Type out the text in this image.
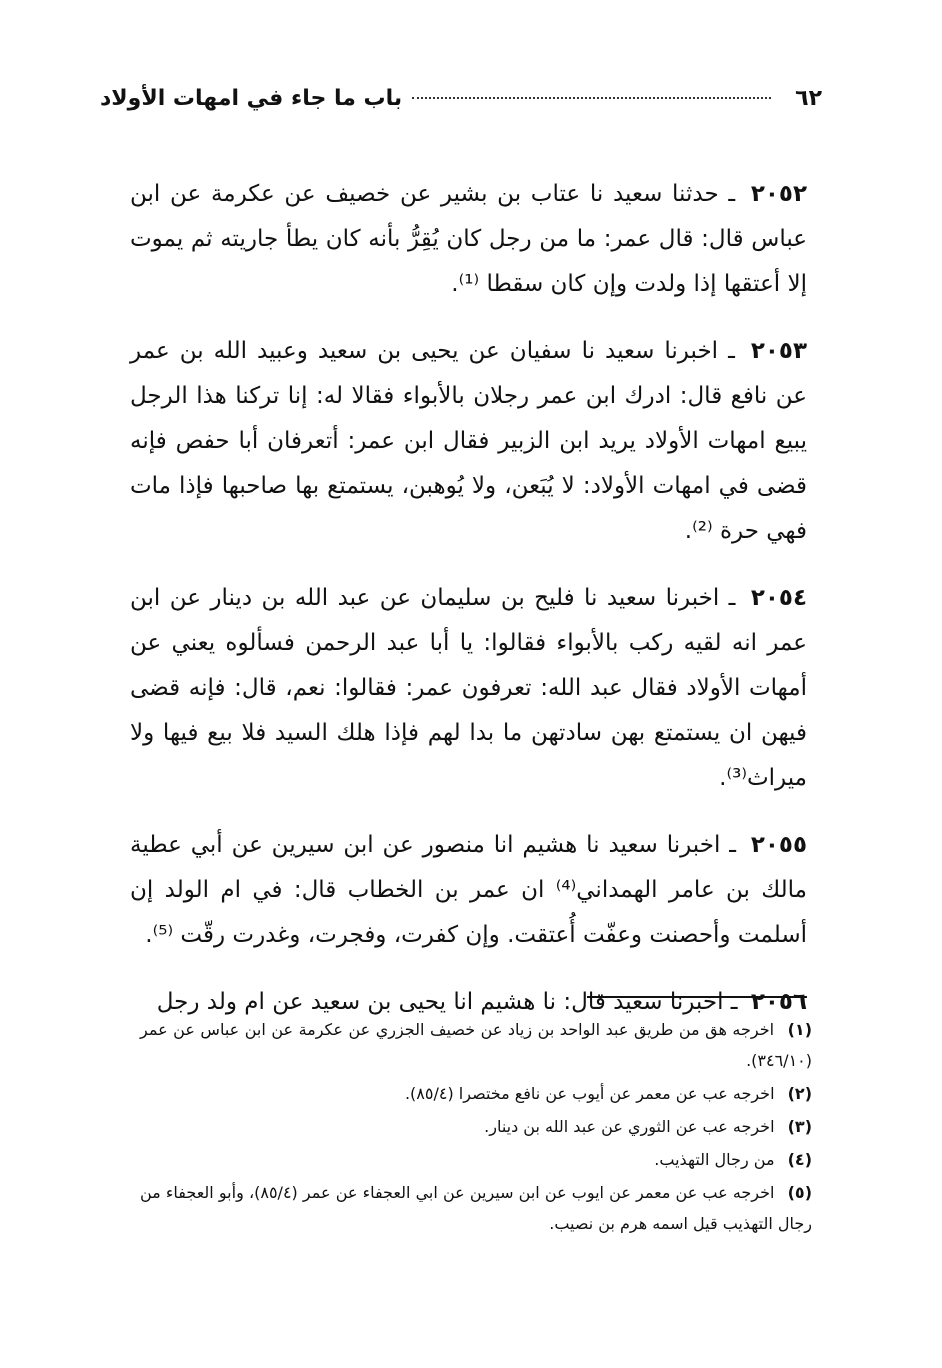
٦٢
باب ما جاء في امهات الأولاد

٢٠٥٢ ـ حدثنا سعيد نا عتاب بن بشير عن خصيف عن عكرمة عن ابن عباس قال: قال عمر: ما من رجل كان يُقِرُّ بأنه كان يطأ جاريته ثم يموت إلا أعتقها إذا ولدت وإن كان سقطا ⁽¹⁾.

٢٠٥٣ ـ اخبرنا سعيد نا سفيان عن يحيى بن سعيد وعبيد الله بن عمر عن نافع قال: ادرك ابن عمر رجلان بالأبواء فقالا له: إنا تركنا هذا الرجل يبيع امهات الأولاد يريد ابن الزبير فقال ابن عمر: أتعرفان أبا حفص فإنه قضى في امهات الأولاد: لا يُبَعن، ولا يُوهبن، يستمتع بها صاحبها فإذا مات فهي حرة ⁽²⁾.

٢٠٥٤ ـ اخبرنا سعيد نا فليح بن سليمان عن عبد الله بن دينار عن ابن عمر انه لقيه ركب بالأبواء فقالوا: يا أبا عبد الرحمن فسألوه يعني عن أمهات الأولاد فقال عبد الله: تعرفون عمر: فقالوا: نعم، قال: فإنه قضى فيهن ان يستمتع بهن سادتهن ما بدا لهم فإذا هلك السيد فلا بيع فيها ولا ميراث⁽³⁾.

٢٠٥٥ ـ اخبرنا سعيد نا هشيم انا منصور عن ابن سيرين عن أبي عطية مالك بن عامر الهمداني⁽⁴⁾ ان عمر بن الخطاب قال: في ام الولد إن أسلمت وأحصنت وعفّت أُعتقت. وإن كفرت، وفجرت، وغدرت رقّت ⁽⁵⁾.

٢٠٥٦ ـ اخبرنا سعيد قال: نا هشيم انا يحيى بن سعيد عن ام ولد رجل

(١) اخرجه هق من طريق عبد الواحد بن زياد عن خصيف الجزري عن عكرمة عن ابن عباس عن عمر (٣٤٦/١٠).

(٢) اخرجه عب عن معمر عن أيوب عن نافع مختصرا (٨٥/٤).

(٣) اخرجه عب عن الثوري عن عبد الله بن دينار.

(٤) من رجال التهذيب.

(٥) اخرجه عب عن معمر عن ايوب عن ابن سيرين عن ابي العجفاء عن عمر (٨٥/٤)، وأبو العجفاء من رجال التهذيب قيل اسمه هرم بن نصيب.
